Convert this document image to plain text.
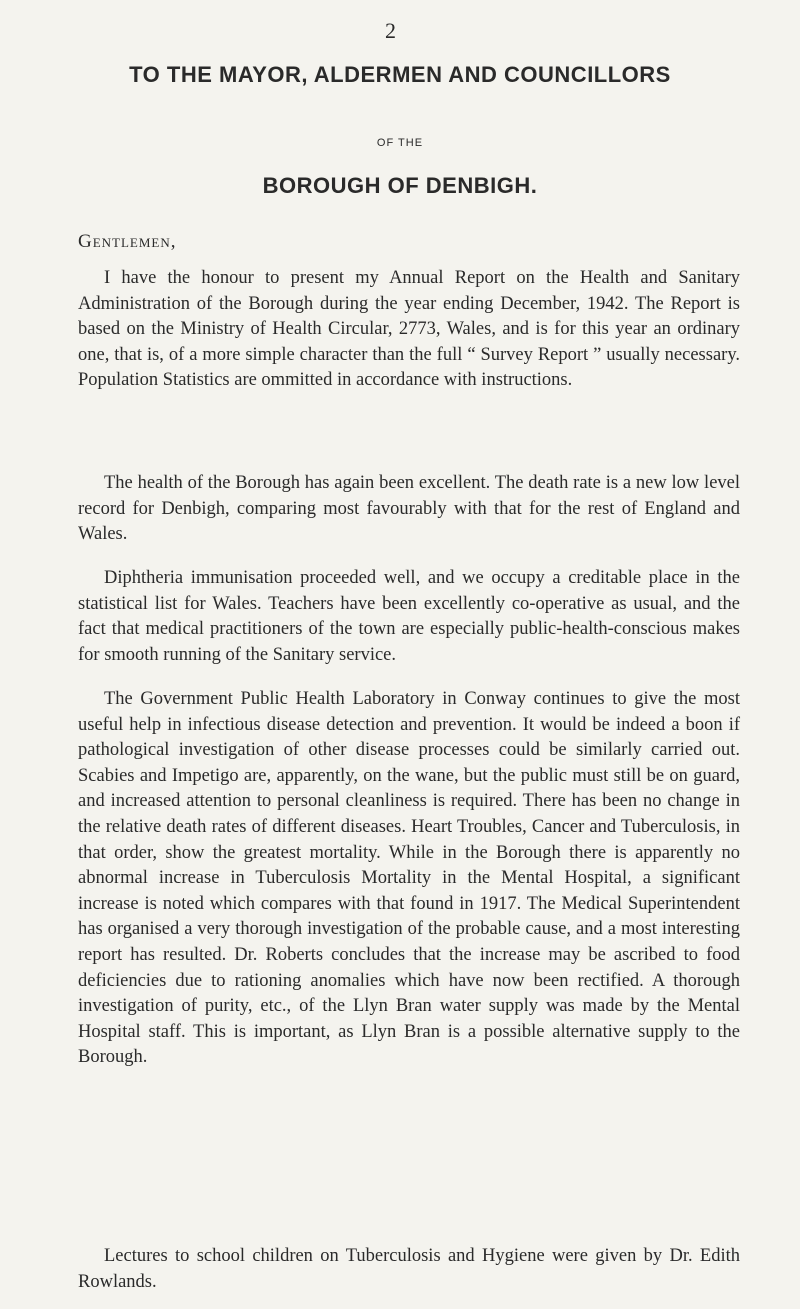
2

TO THE MAYOR, ALDERMEN AND COUNCILLORS

OF THE

BOROUGH OF DENBIGH.

Gentlemen,

I have the honour to present my Annual Report on the Health and Sanitary Administration of the Borough during the year ending December, 1942. The Report is based on the Ministry of Health Circular, 2773, Wales, and is for this year an ordinary one, that is, of a more simple character than the full “ Survey Report ” usually necessary. Population Statistics are ommitted in accordance with instructions.

The health of the Borough has again been excellent. The death rate is a new low level record for Denbigh, comparing most favourably with that for the rest of England and Wales.

Diphtheria immunisation proceeded well, and we occupy a creditable place in the statistical list for Wales. Teachers have been excellently co-operative as usual, and the fact that medical practitioners of the town are especially public-health-conscious makes for smooth running of the Sanitary service.

The Government Public Health Laboratory in Conway continues to give the most useful help in infectious disease detection and prevention. It would be indeed a boon if pathological investigation of other disease processes could be similarly carried out. Scabies and Impetigo are, apparently, on the wane, but the public must still be on guard, and increased attention to personal cleanliness is required. There has been no change in the relative death rates of different diseases. Heart Troubles, Cancer and Tuberculosis, in that order, show the greatest mortality. While in the Borough there is apparently no abnormal increase in Tuberculosis Mortality in the Mental Hospital, a significant increase is noted which compares with that found in 1917. The Medical Superintendent has organised a very thorough investigation of the probable cause, and a most interesting report has resulted. Dr. Roberts concludes that the increase may be ascribed to food deficiencies due to rationing anomalies which have now been rectified. A thorough investigation of purity, etc., of the Llyn Bran water supply was made by the Mental Hospital staff. This is important, as Llyn Bran is a possible alternative supply to the Borough.

Lectures to school children on Tuberculosis and Hygiene were given by Dr. Edith Rowlands.
